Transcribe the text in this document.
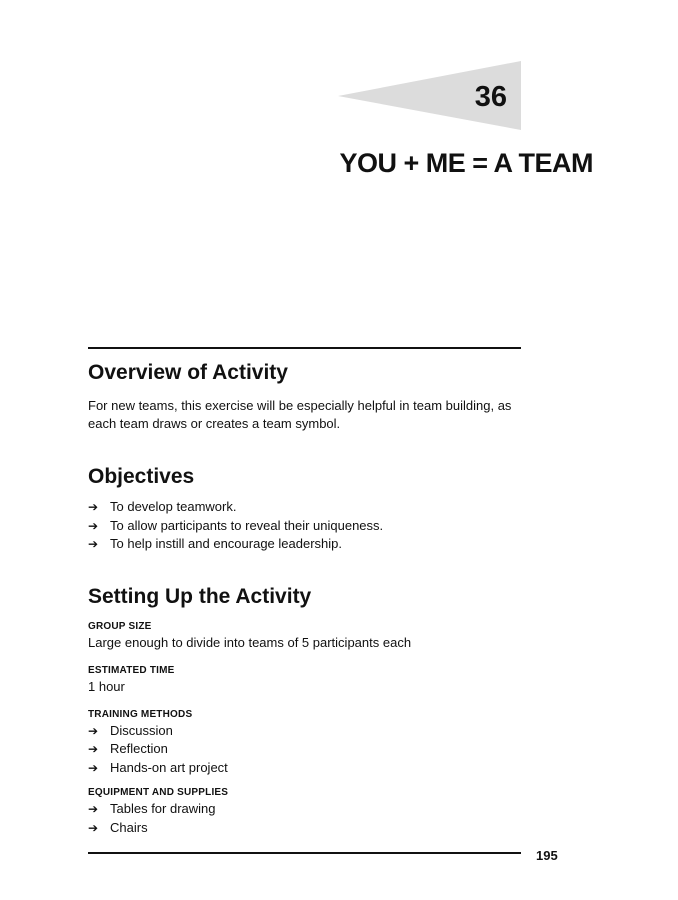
36
YOU + ME = A TEAM
Overview of Activity

For new teams, this exercise will be especially helpful in team building, as each team draws or creates a team symbol.

Objectives
➔ To develop teamwork.
➔ To allow participants to reveal their uniqueness.
➔ To help instill and encourage leadership.
Setting Up the Activity

GROUP SIZE

Large enough to divide into teams of 5 participants each

ESTIMATED TIME

1 hour

TRAINING METHODS

➔ Discussion
➔ Reflection
➔ Hands-on art project

EQUIPMENT AND SUPPLIES

➔ Tables for drawing
➔ Chairs
195
